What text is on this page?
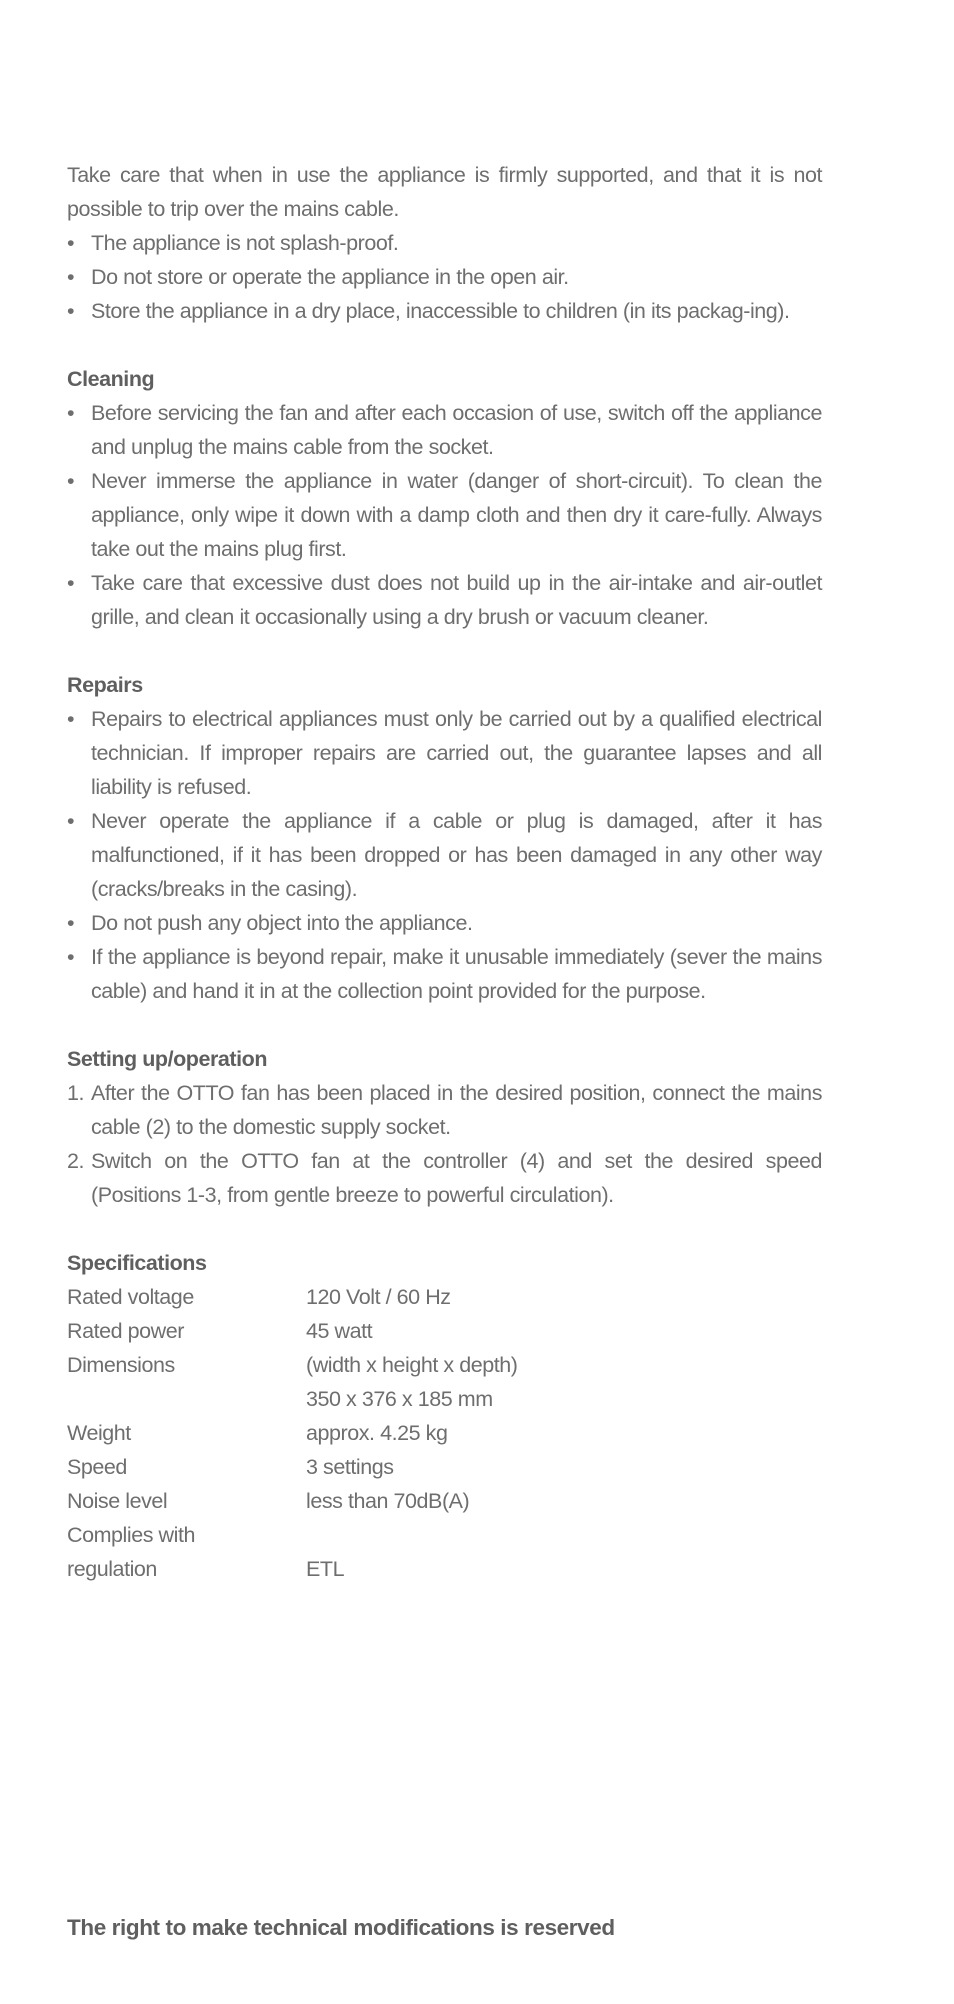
Take care that when in use the appliance is firmly supported, and that it is not possible to trip over the mains cable.

• The appliance is not splash-proof.
• Do not store or operate the appliance in the open air.
• Store the appliance in a dry place, inaccessible to children (in its packag-ing).
Cleaning
• Before servicing the fan and after each occasion of use, switch off the appliance and unplug the mains cable from the socket.
• Never immerse the appliance in water (danger of short-circuit). To clean the appliance, only wipe it down with a damp cloth and then dry it care-fully. Always take out the mains plug first.
• Take care that excessive dust does not build up in the air-intake and air-outlet grille, and clean it occasionally using a dry brush or vacuum cleaner.
Repairs
• Repairs to electrical appliances must only be carried out by a qualified electrical technician. If improper repairs are carried out, the guarantee lapses and all liability is refused.
• Never operate the appliance if a cable or plug is damaged, after it has malfunctioned, if it has been dropped or has been damaged in any other way (cracks/breaks in the casing).
• Do not push any object into the appliance.
• If the appliance is beyond repair, make it unusable immediately (sever the mains cable) and hand it in at the collection point provided for the purpose.
Setting up/operation
1. After the OTTO fan has been placed in the desired position, connect the mains cable (2) to the domestic supply socket.
2. Switch on the OTTO fan at the controller (4) and set the desired speed (Positions 1-3, from gentle breeze to powerful circulation).
Specifications
Rated voltage	120 Volt / 60 Hz
Rated power	45 watt
Dimensions	(width x height x depth)
350 x 376 x 185 mm
Weight	approx. 4.25 kg
Speed	3 settings
Noise level	less than 70dB(A)
Complies with
regulation	ETL
The right to make technical modifications is reserved
